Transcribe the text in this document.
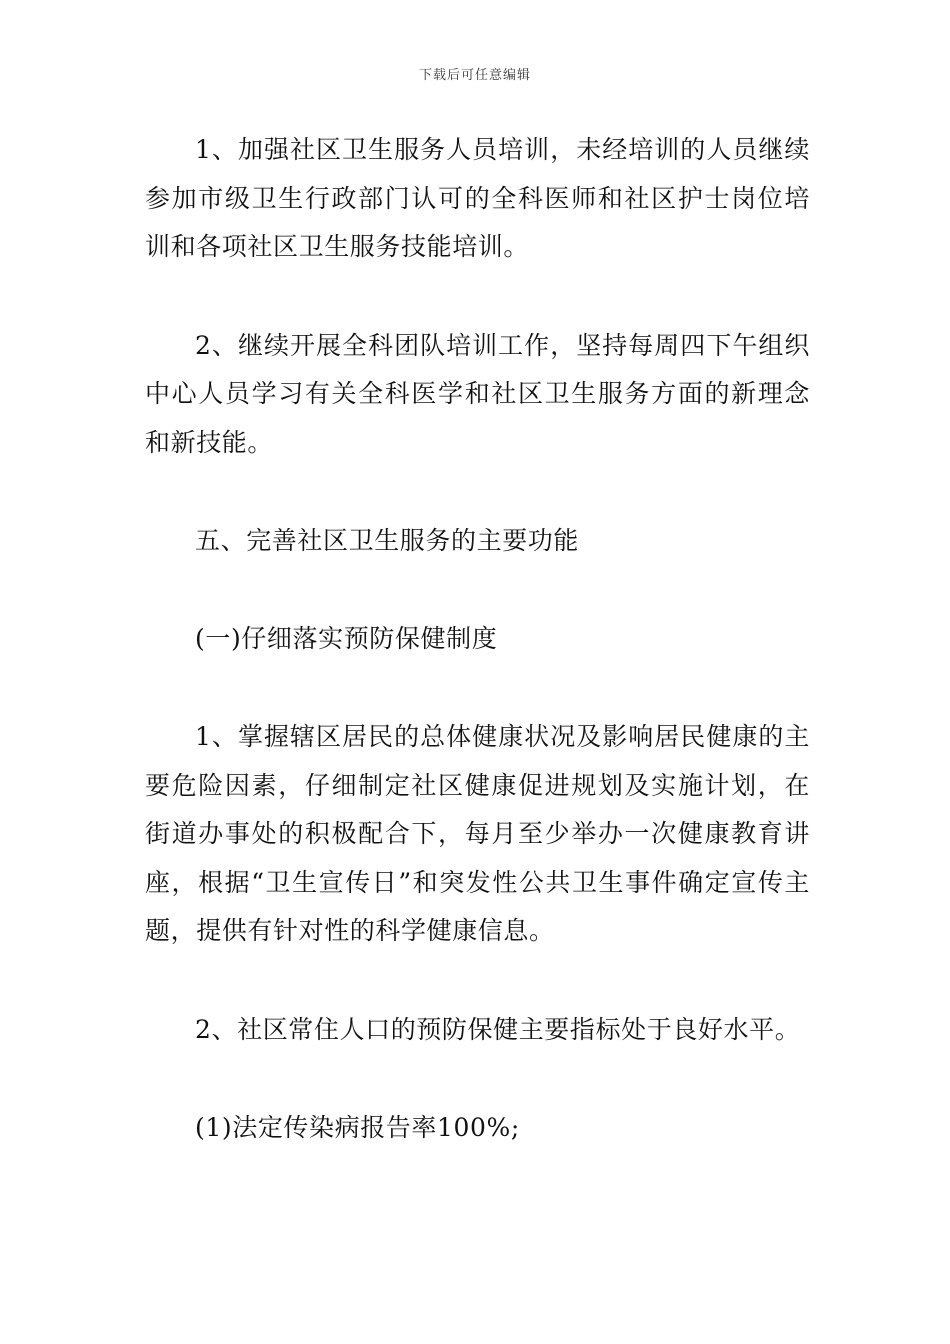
下载后可任意编辑

1、加强社区卫生服务人员培训，未经培训的人员继续参加市级卫生行政部门认可的全科医师和社区护士岗位培训和各项社区卫生服务技能培训。

2、继续开展全科团队培训工作，坚持每周四下午组织中心人员学习有关全科医学和社区卫生服务方面的新理念和新技能。

五、完善社区卫生服务的主要功能

(一)仔细落实预防保健制度

1、掌握辖区居民的总体健康状况及影响居民健康的主要危险因素，仔细制定社区健康促进规划及实施计划，在街道办事处的积极配合下，每月至少举办一次健康教育讲座，根据“卫生宣传日”和突发性公共卫生事件确定宣传主题，提供有针对性的科学健康信息。

2、社区常住人口的预防保健主要指标处于良好水平。

(1)法定传染病报告率100%;
